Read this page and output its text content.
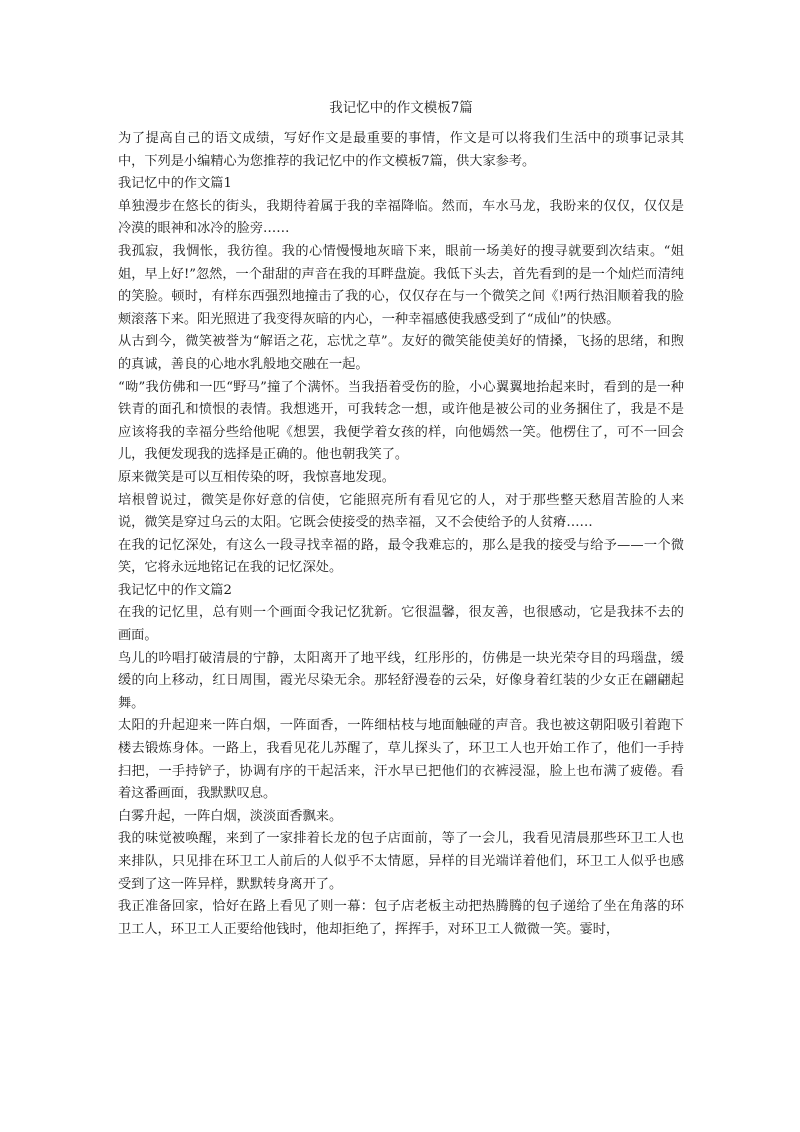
我记忆中的作文模板7篇

为了提高自己的语文成绩，写好作文是最重要的事情，作文是可以将我们生活中的琐事记录其中，下列是小编精心为您推荐的我记忆中的作文模板7篇，供大家参考。

我记忆中的作文篇1

单独漫步在悠长的街头，我期待着属于我的幸福降临。然而，车水马龙，我盼来的仅仅，仅仅是冷漠的眼神和冰冷的脸旁……

我孤寂，我惆怅，我彷徨。我的心情慢慢地灰暗下来，眼前一场美好的搜寻就要到次结束。“姐姐，早上好!”忽然，一个甜甜的声音在我的耳畔盘旋。我低下头去，首先看到的是一个灿烂而清纯的笑脸。顿时，有样东西强烈地撞击了我的心，仅仅存在与一个微笑之间《!两行热泪顺着我的脸颊滚落下来。阳光照进了我变得灰暗的内心，一种幸福感使我感受到了“成仙”的快感。

从古到今，微笑被誉为“解语之花，忘忧之草”。友好的微笑能使美好的情搡，飞扬的思绪，和煦的真诚，善良的心地水乳般地交融在一起。

“呦”我仿佛和一匹“野马”撞了个满怀。当我捂着受伤的脸，小心翼翼地抬起来时，看到的是一种铁青的面孔和愤恨的表情。我想逃开，可我转念一想，或许他是被公司的业务捆住了，我是不是应该将我的幸福分些给他呢《想罢，我便学着女孩的样，向他嫣然一笑。他楞住了，可不一回会儿，我便发现我的选择是正确的。他也朝我笑了。

原来微笑是可以互相传染的呀，我惊喜地发现。

培根曾说过，微笑是你好意的信使，它能照亮所有看见它的人，对于那些整天愁眉苦脸的人来说，微笑是穿过乌云的太阳。它既会使接受的热幸福，又不会使给予的人贫瘠……

在我的记忆深处，有这么一段寻找幸福的路，最令我难忘的，那么是我的接受与给予——一个微笑，它将永远地铭记在我的记忆深处。

我记忆中的作文篇2

在我的记忆里，总有则一个画面令我记忆犹新。它很温馨，很友善，也很感动，它是我抹不去的画面。

鸟儿的吟唱打破清晨的宁静，太阳离开了地平线，红彤彤的，仿佛是一块光荣夺目的玛瑙盘，缓缓的向上移动，红日周围，霞光尽染无余。那轻舒漫卷的云朵，好像身着红装的少女正在翩翩起舞。

太阳的升起迎来一阵白烟，一阵面香，一阵细枯枝与地面触碰的声音。我也被这朝阳吸引着跑下楼去锻炼身体。一路上，我看见花儿苏醒了，草儿探头了，环卫工人也开始工作了，他们一手持扫把，一手持铲子，协调有序的干起活来，汗水早已把他们的衣裤浸湿，脸上也布满了疲倦。看着这番画面，我默默叹息。

白雾升起，一阵白烟，淡淡面香飘来。

我的味觉被唤醒，来到了一家排着长龙的包子店面前，等了一会儿，我看见清晨那些环卫工人也来排队，只见排在环卫工人前后的人似乎不太情愿，异样的目光端详着他们，环卫工人似乎也感受到了这一阵异样，默默转身离开了。

我正准备回家，恰好在路上看见了则一幕：包子店老板主动把热腾腾的包子递给了坐在角落的环卫工人，环卫工人正要给他钱时，他却拒绝了，挥挥手，对环卫工人微微一笑。霎时，
